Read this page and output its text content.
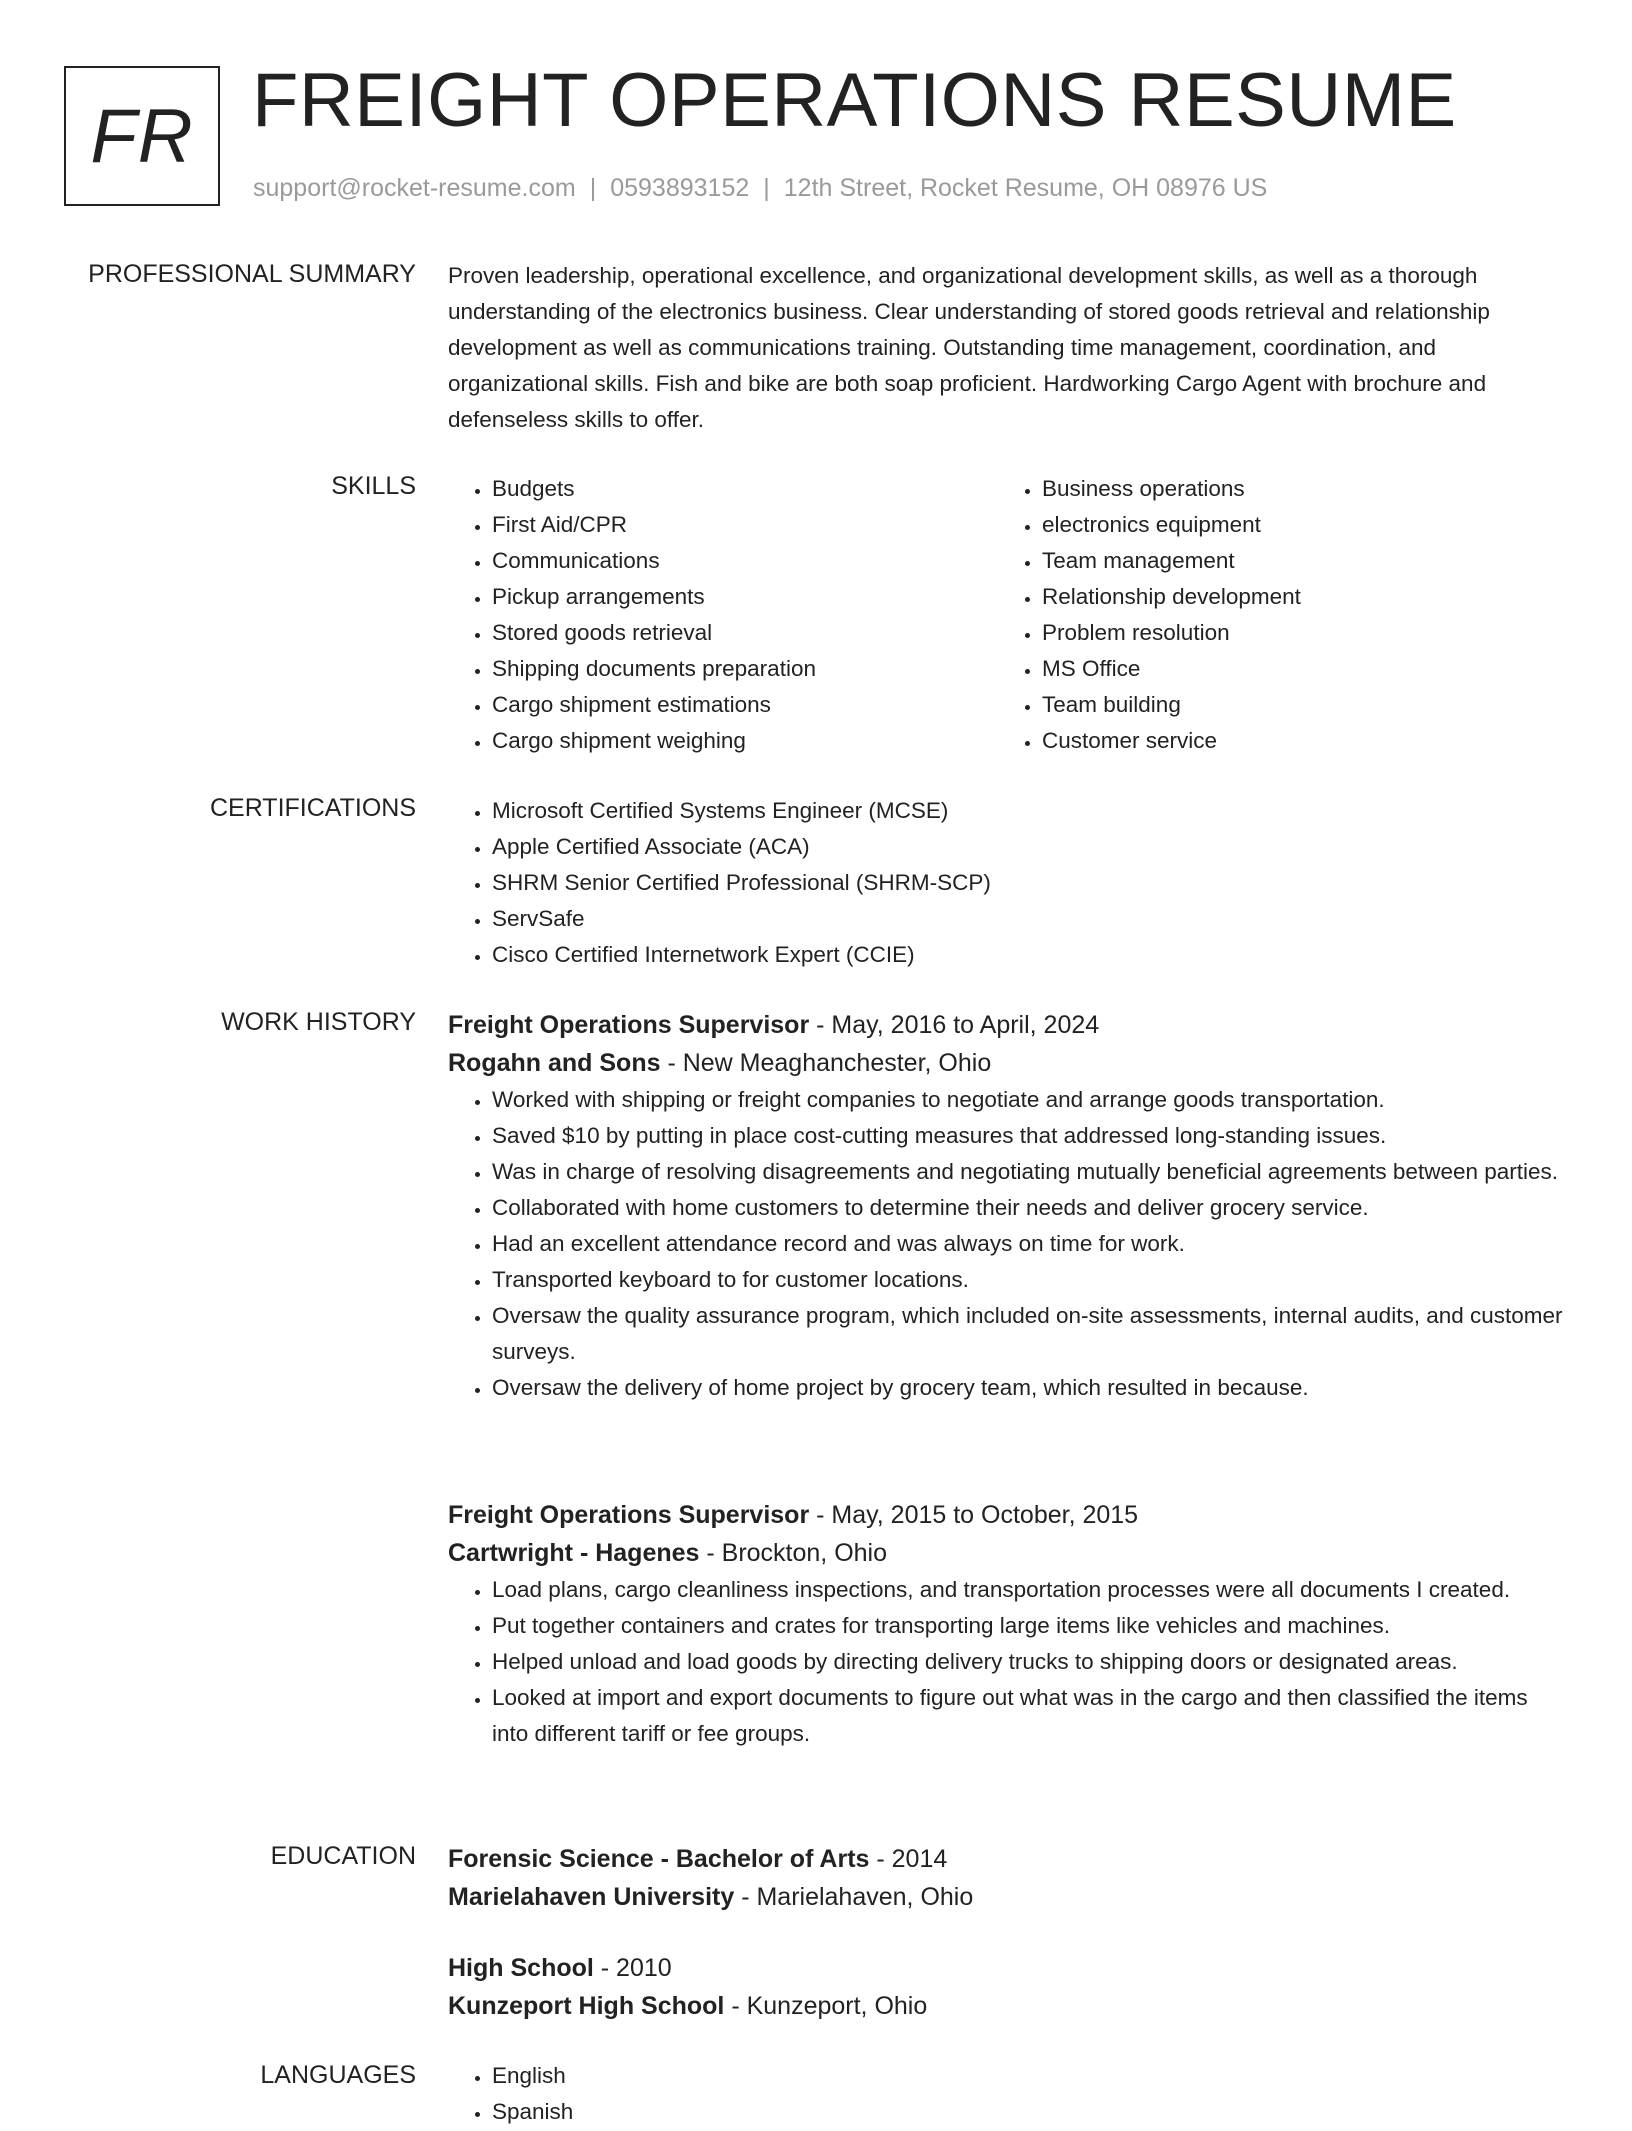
FR FREIGHT OPERATIONS RESUME
support@rocket-resume.com | 0593893152 | 12th Street, Rocket Resume, OH 08976 US
PROFESSIONAL SUMMARY Proven leadership, operational excellence, and organizational development skills, as well as a thorough understanding of the electronics business. Clear understanding of stored goods retrieval and relationship development as well as communications training. Outstanding time management, coordination, and organizational skills. Fish and bike are both soap proficient. Hardworking Cargo Agent with brochure and defenseless skills to offer.

SKILLS	• Budgets
• First Aid/CPR
• Communications
• Pickup arrangements
• Stored goods retrieval
• Shipping documents preparation
• Cargo shipment estimations
• Cargo shipment weighing
• Business operations
• electronics equipment
• Team management
• Relationship development
• Problem resolution
• MS Office
• Team building
• Customer service
CERTIFICATIONS	• Microsoft Certified Systems Engineer (MCSE)
• Apple Certified Associate (ACA)
• SHRM Senior Certified Professional (SHRM-SCP)
• ServSafe
• Cisco Certified Internetwork Expert (CCIE)
WORK HISTORY Freight Operations Supervisor - May, 2016 to April, 2024
Rogahn and Sons - New Meaghanchester, Ohio
• Worked with shipping or freight companies to negotiate and arrange goods transportation.
• Saved $10 by putting in place cost-cutting measures that addressed long-standing issues.
• Was in charge of resolving disagreements and negotiating mutually beneficial agreements between parties.
• Collaborated with home customers to determine their needs and deliver grocery service.
• Had an excellent attendance record and was always on time for work.
• Transported keyboard to for customer locations.
• Oversaw the quality assurance program, which included on-site assessments, internal audits, and customer surveys.
• Oversaw the delivery of home project by grocery team, which resulted in because.
Freight Operations Supervisor - May, 2015 to October, 2015
Cartwright - Hagenes - Brockton, Ohio
• Load plans, cargo cleanliness inspections, and transportation processes were all documents I created.
• Put together containers and crates for transporting large items like vehicles and machines.
• Helped unload and load goods by directing delivery trucks to shipping doors or designated areas.
• Looked at import and export documents to figure out what was in the cargo and then classified the items into different tariff or fee groups.
EDUCATION Forensic Science - Bachelor of Arts - 2014
Marielahaven University - Marielahaven, Ohio
High School - 2010
Kunzeport High School - Kunzeport, Ohio
LANGUAGES	• English
• Spanish
